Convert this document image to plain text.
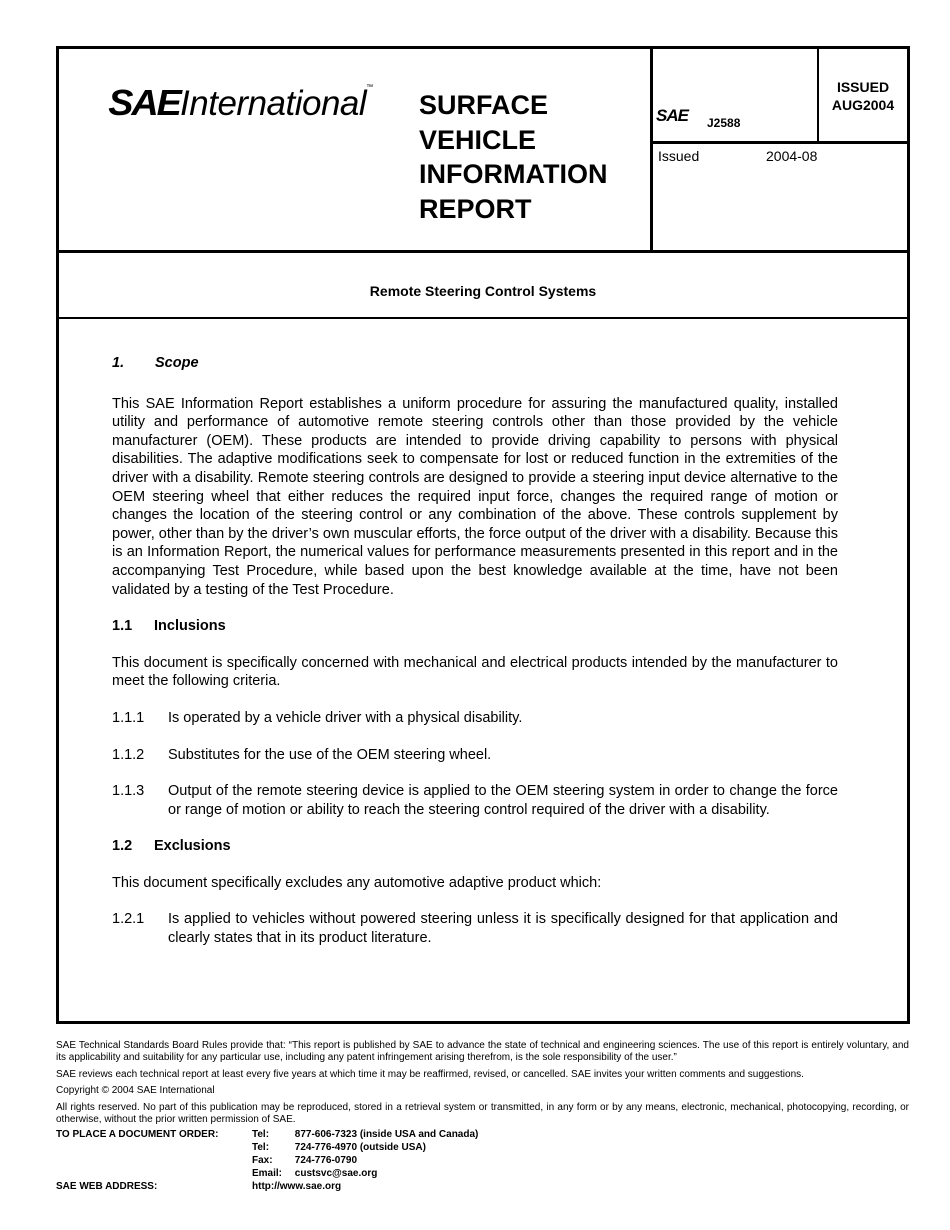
SAEInternational™
SURFACE
VEHICLE
INFORMATION
REPORT
SAE J2588
ISSUED
AUG2004
Issued	2004-08
Remote Steering Control Systems
1.	Scope

This SAE Information Report establishes a uniform procedure for assuring the manufactured quality, installed utility and performance of automotive remote steering controls other than those provided by the vehicle manufacturer (OEM). These products are intended to provide driving capability to persons with physical disabilities. The adaptive modifications seek to compensate for lost or reduced function in the extremities of the driver with a disability. Remote steering controls are designed to provide a steering input device alternative to the OEM steering wheel that either reduces the required input force, changes the required range of motion or changes the location of the steering control or any combination of the above. These controls supplement by power, other than by the driver’s own muscular efforts, the force output of the driver with a disability. Because this is an Information Report, the numerical values for performance measurements presented in this report and in the accompanying Test Procedure, while based upon the best knowledge available at the time, have not been validated by a testing of the Test Procedure.

1.1	Inclusions

This document is specifically concerned with mechanical and electrical products intended by the manufacturer to meet the following criteria.

1.1.1	Is operated by a vehicle driver with a physical disability.
1.1.2	Substitutes for the use of the OEM steering wheel.
1.1.3	Output of the remote steering device is applied to the OEM steering system in order to change the force or range of motion or ability to reach the steering control required of the driver with a disability.
1.2	Exclusions

This document specifically excludes any automotive adaptive product which:

1.2.1	Is applied to vehicles without powered steering unless it is specifically designed for that application and clearly states that in its product literature.

SAE Technical Standards Board Rules provide that: “This report is published by SAE to advance the state of technical and engineering sciences. The use of this report is entirely voluntary, and its applicability and suitability for any particular use, including any patent infringement arising therefrom, is the sole responsibility of the user.”

SAE reviews each technical report at least every five years at which time it may be reaffirmed, revised, or cancelled. SAE invites your written comments and suggestions.

Copyright © 2004 SAE International

All rights reserved. No part of this publication may be reproduced, stored in a retrieval system or transmitted, in any form or by any means, electronic, mechanical, photocopying, recording, or otherwise, without the prior written permission of SAE.

TO PLACE A DOCUMENT ORDER:	Tel:	877-606-7323 (inside USA and Canada)
Tel:	724-776-4970 (outside USA)
Fax: 724-776-0790
Email: custsvc@sae.org
SAE WEB ADDRESS:	http://www.sae.org
